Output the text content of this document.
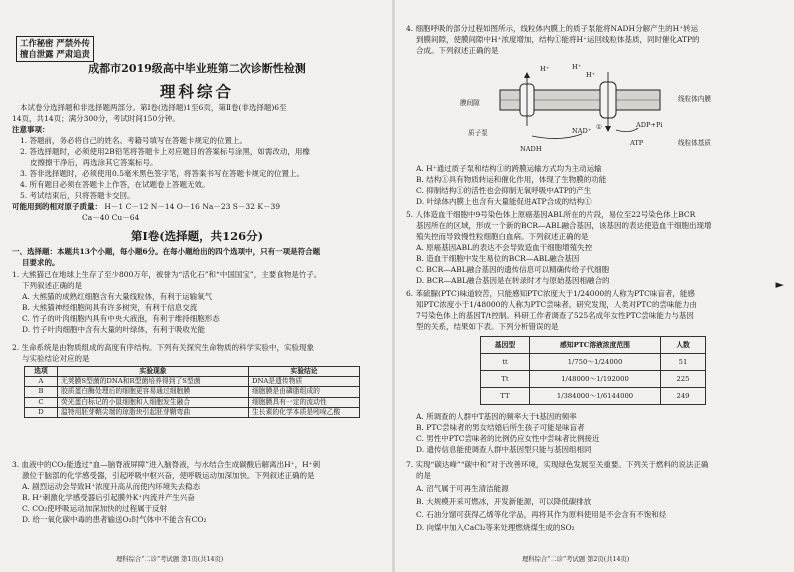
工作秘密 严禁外传
擅自泄露 严肃追责
成都市2019级高中毕业班第二次诊断性检测
理科综合
本试卷分选择题和非选择题两部分。第Ⅰ卷(选择题)1至6页，第Ⅱ卷(非选择题)6至
14页，共14页；满分300分，考试时间150分钟。
注意事项：
1. 答题前，务必将自己的姓名、考籍号填写在答题卡规定的位置上。
2. 答选择题时，必须使用2B铅笔将答题卡上对应题目的答案标号涂黑，如需改动，用橡
皮擦擦干净后，再选涂其它答案标号。
3. 答非选择题时，必须使用0.5毫米黑色签字笔，将答案书写在答题卡规定的位置上。
4. 所有题目必须在答题卡上作答，在试题卷上答题无效。
5. 考试结束后，只将答题卡交回。
可能用到的相对原子质量： H－1 C－12 N－14 O－16 Na－23 S－32 K－39
Ca－40 Cu－64
第Ⅰ卷(选择题，共126分)
一、选择题：本题共13个小题，每小题6分。在每小题给出的四个选项中，只有一项是符合题
目要求的。
1. 大熊猫已在地球上生存了至少800万年，被誉为“活化石”和“中国国宝”，主要食物是竹子。
下列叙述正确的是
A. 大熊猫的成熟红细胞含有大量线粒体，有利于运输氧气
B. 大熊猫神经细胞间具有许多树突，有利于信息交流
C. 竹子的叶肉细胞内具有中央大液泡，有利于维持细胞形态
D. 竹子叶肉细胞中含有大量的叶绿体，有利于吸收光能
2. 生命系统是由物质组成的高度有序结构。下列有关探究生命物质的科学实验中，实验现象
与实验结论对应的是
选项	实验现象	实验结论
A	无荚膜S型菌的DNA和R型菌培养得到了S型菌	DNA是遗传物质
B	胶质蛋白酶处理后的细胞更容易通过细胞膜	细胞膜是由磷脂组成的
C	荧光蛋白标记的小鼠细胞和人细胞发生融合	细胞膜具有一定的流动性
D	温特用胚芽鞘尖端的琼脂块引起胚芽鞘弯曲	生长素的化学本质是吲哚乙酸
3. 血液中的CO₂能透过“血—脑脊液屏障”进入脑脊液，与水结合生成碳酸后解离出H⁺，H⁺刺
激位于脑部的化学感受器，引起呼吸中枢兴奋，使呼吸运动加深加快。下列叙述正确的是
A. 剧烈运动会导致H⁺浓度升高从而使内环境失去稳态
B. H⁺刺激化学感受器后引起膜外K⁺内流并产生兴奋
C. CO₂使呼吸运动加深加快的过程属于反射
D. 给一氧化碳中毒的患者输送O₂时气体中不能含有CO₂
理科综合“二诊”考试题 第1页(共14页)
4. 细胞呼吸的部分过程如图所示，线粒体内膜上的质子泵能将NADH分解产生的H⁺转运
到膜间隙，使膜间隙中H⁺浓度增加，结构①能将H⁺运回线粒体基质，同时催化ATP的
合成。下列叙述正确的是
膜间隙
质子泵
线粒体内膜
线粒体基质
H⁺	H⁺
H⁺
NADH
NAD⁺
ADP+Pi
ATP
①
A. H⁺通过质子泵和结构①的跨膜运输方式均为主动运输
B. 结构①具有物质转运和催化作用，体现了生物膜的功能
C. 抑制结构①的活性也会抑制无氧呼吸中ATP的产生
D. 叶绿体内膜上也含有大量能促进ATP合成的结构①
5. 人体造血干细胞中9号染色体上原癌基因ABL所在的片段，易位至22号染色体上BCR
基因所在的区域，形成一个新的BCR—ABL融合基因，该基因的表达使造血干细胞出现增
殖失控而导致慢性粒细胞白血病。下列叙述正确的是
A. 原癌基因ABL的表达不会导致造血干细胞增殖失控
B. 造血干细胞中发生易位的BCR—ABL融合基因
C. BCR—ABL融合基因的遗传信息可以精确传给子代细胞
D. BCR—ABL融合基因是在转录时才与原始基因相融合的
6. 苯硫脲(PTC)味道较苦，只能感知PTC浓度大于1/24000的人称为PTC味盲者，能感
知PTC浓度小于1/48000的人称为PTC尝味者。研究发现，人类对PTC的尝味能力由
7号染色体上的基因T/t控制。科研工作者调查了525名成年女性PTC尝味能力与基因
型的关系，结果如下表。下列分析错误的是
基因型	感知PTC溶液浓度范围	人数
tt	1/750～1/24000	51
Tt	1/48000～1/192000	225
TT	1/384000～1/6144000	249
A. 所调查的人群中T基因的频率大于t基因的频率
B. PTC尝味者的男女结婚后所生孩子可能是味盲者
C. 男性中PTC尝味者的比例仍应女性中尝味者比例接近
D. 遗传信息能使调查人群中基因型只能与基因组相同
7. 实现“碳达峰”“碳中和”对于改善环境，实现绿色发展至关重要。下列关于燃料的说法正确
的是
A. 沼气属于可再生清洁能源
B. 大规模开采可燃冰，开发新能源，可以降低碳排放
C. 石油分馏可获得乙烯等化学品，再将其作为原料使用是不会含有不饱和烃
D. 向煤中加入CaCl₂等来处理燃烧煤生成的SO₂
理科综合“二诊”考试题 第2页(共14页)
►
